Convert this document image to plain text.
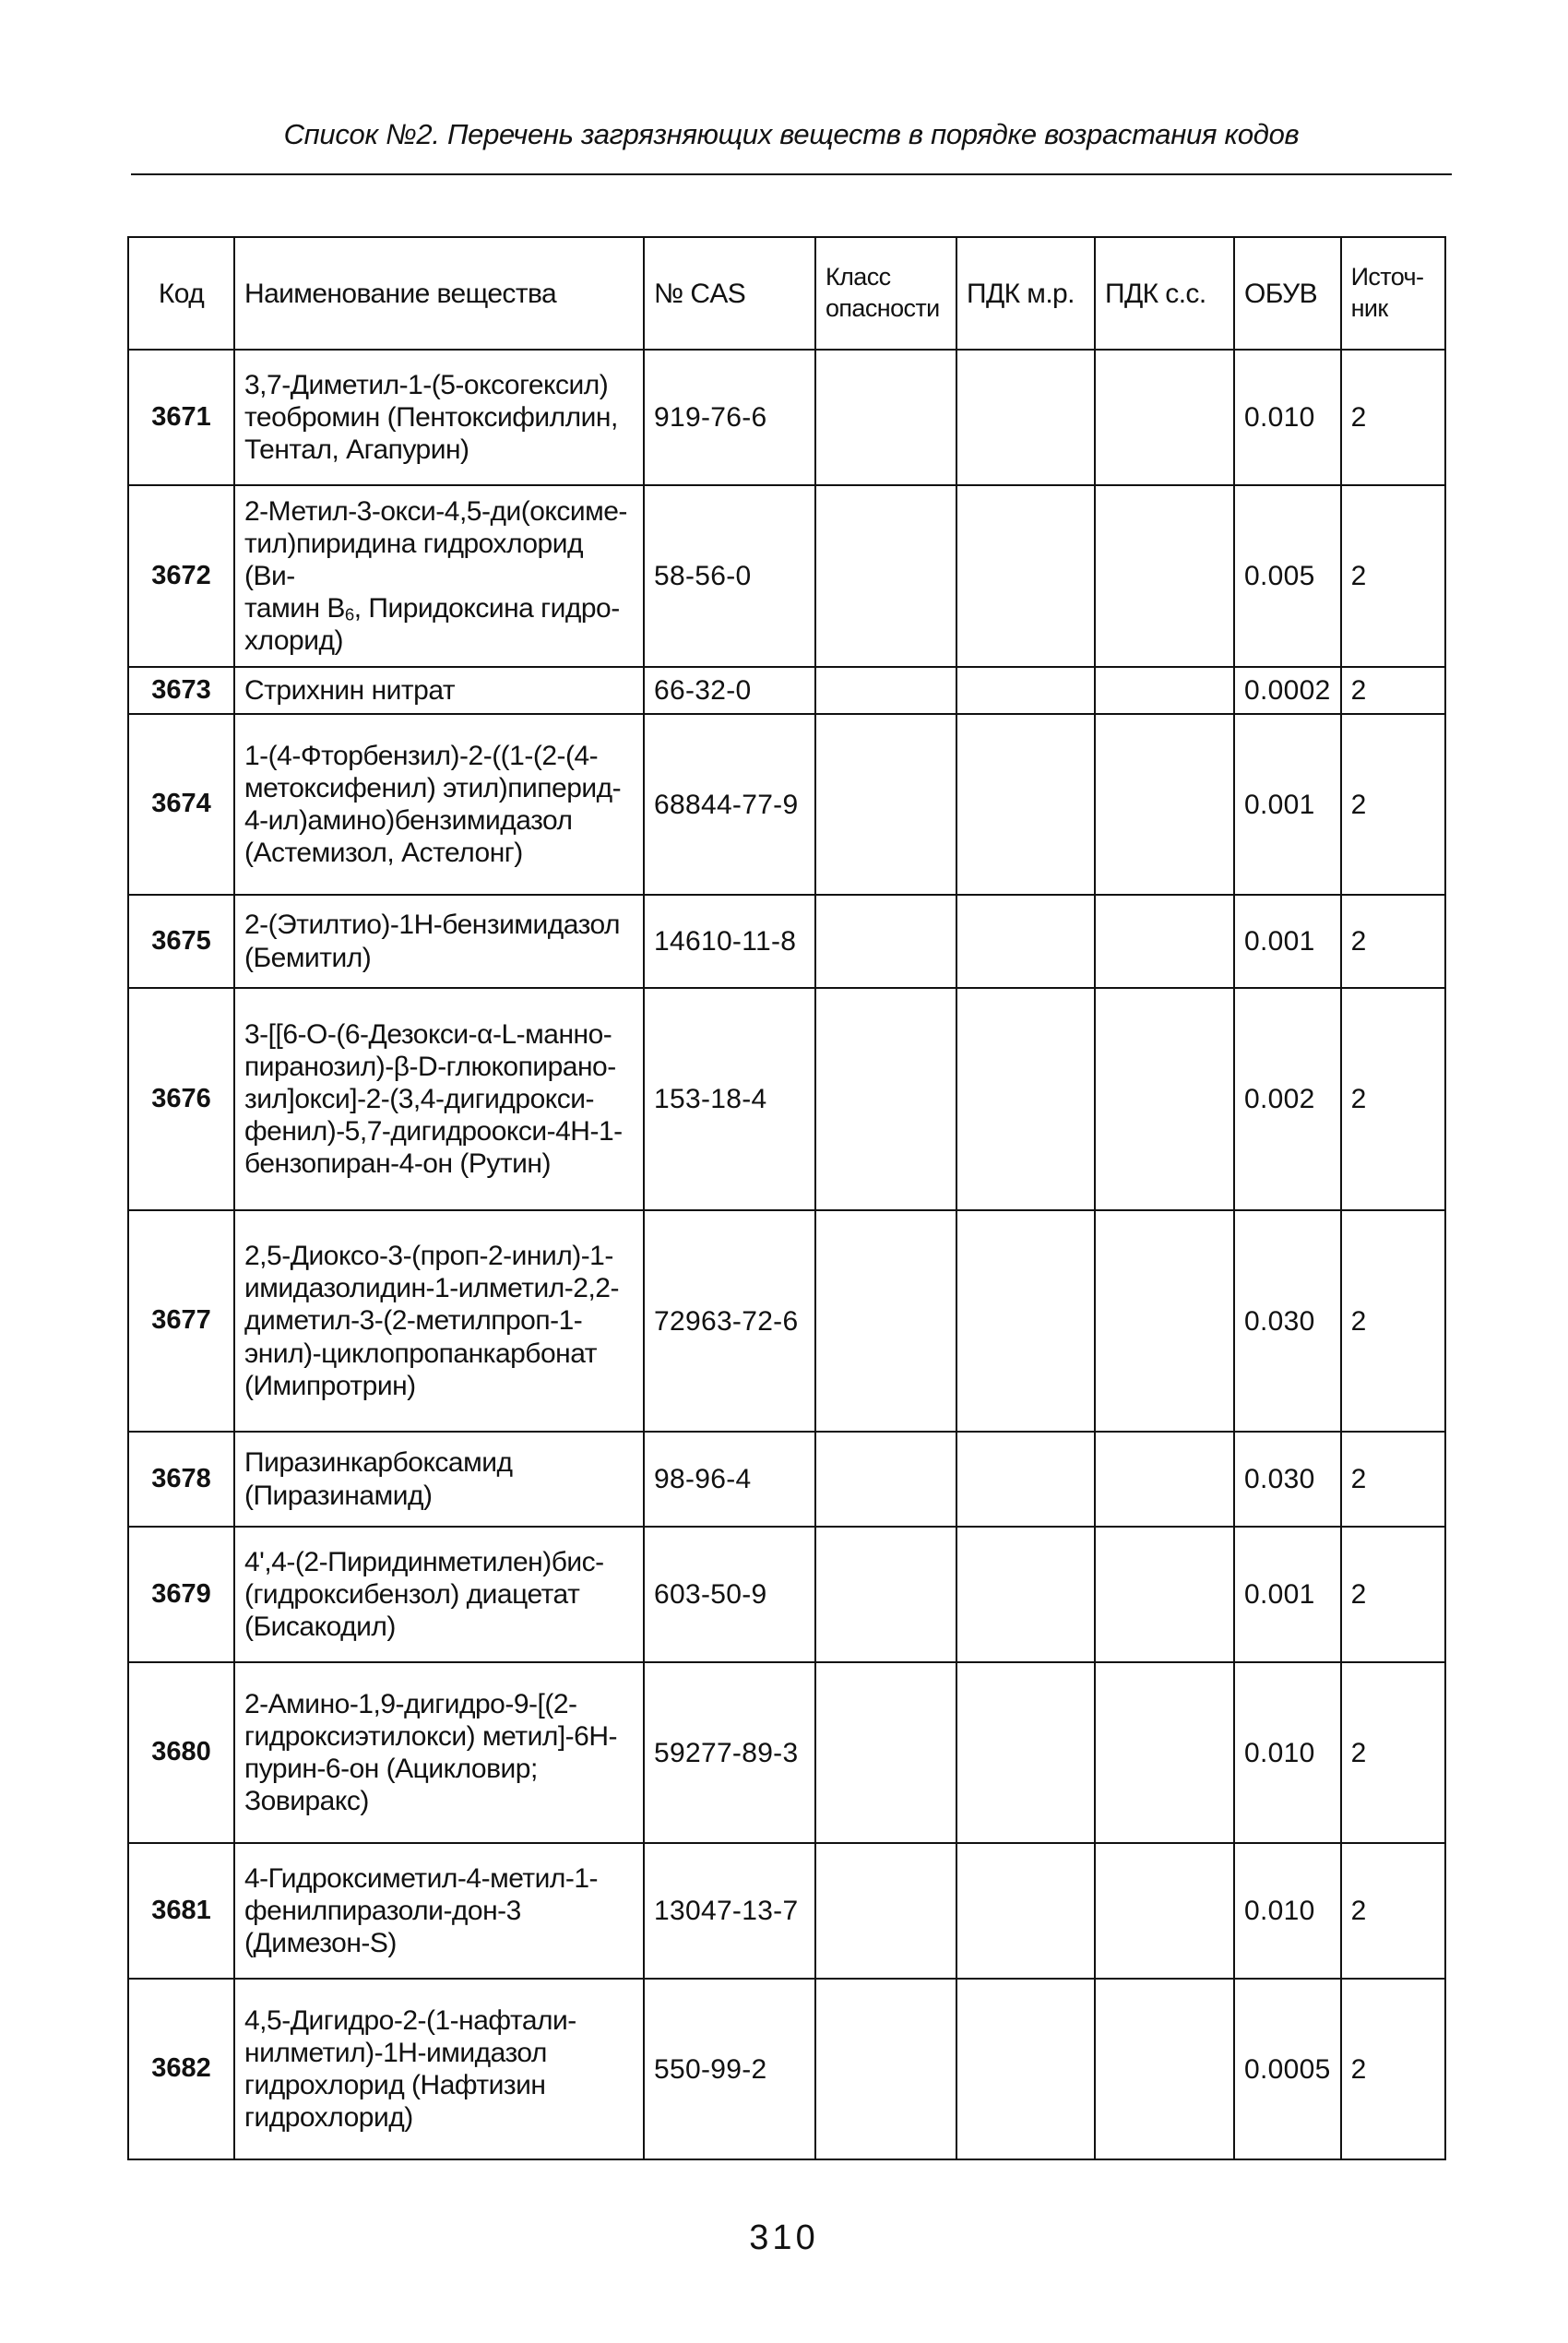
Список №2. Перечень загрязняющих веществ в порядке возрастания кодов
Код	Наименование вещества	№ CAS	Класс
опасности	ПДК м.р.	ПДК с.с.	ОБУВ	Источ-
ник
3671	3,7-Диметил-1-(5-оксогексил)
теобромин (Пентоксифиллин,
Тентал, Агапурин)	919-76-6				0.010	2
3672	2-Метил-3-окси-4,5-ди(оксиме-
тил)пиридина гидрохлорид (Ви-
тамин $B_6$, Пиридоксина гидро-
хлорид)	58-56-0				0.005	2
3673	Стрихнин нитрат	66-32-0				0.0002	2
3674	1-(4-Фторбензил)-2-((1-(2-(4-
метоксифенил) этил)пиперид-
4-ил)амино)бензимидазол
(Астемизол, Астелонг)	68844-77-9				0.001	2
3675	2-(Этилтио)-1Н-бензимидазол
(Бемитил)	14610-11-8				0.001	2
3676	3-[[6-О-(6-Дезокси-α-L-манно-
пиранозил)-β-D-глюкопирано-
зил]окси]-2-(3,4-дигидрокси-
фенил)-5,7-дигидроокси-4Н-1-
бензопиран-4-он (Рутин)	153-18-4				0.002	2
3677	2,5-Диоксо-3-(проп-2-инил)-1-
имидазолидин-1-илметил-2,2-
диметил-3-(2-метилпроп-1-
энил)-циклопропанкарбонат
(Имипротрин)	72963-72-6				0.030	2
3678	Пиразинкарбоксамид
(Пиразинамид)	98-96-4				0.030	2
3679	4',4-(2-Пиридинметилен)бис-
(гидроксибензол) диацетат
(Бисакодил)	603-50-9				0.001	2
3680	2-Амино-1,9-дигидро-9-[(2-
гидроксиэтилокси) метил]-6Н-
пурин-6-он (Ацикловир;
Зовиракс)	59277-89-3				0.010	2
3681	4-Гидроксиметил-4-метил-1-
фенилпиразоли-дон-3
(Димезон-S)	13047-13-7				0.010	2
3682	4,5-Дигидро-2-(1-нафтали-
нилметил)-1Н-имидазол
гидрохлорид (Нафтизин
гидрохлорид)	550-99-2				0.0005	2
310
